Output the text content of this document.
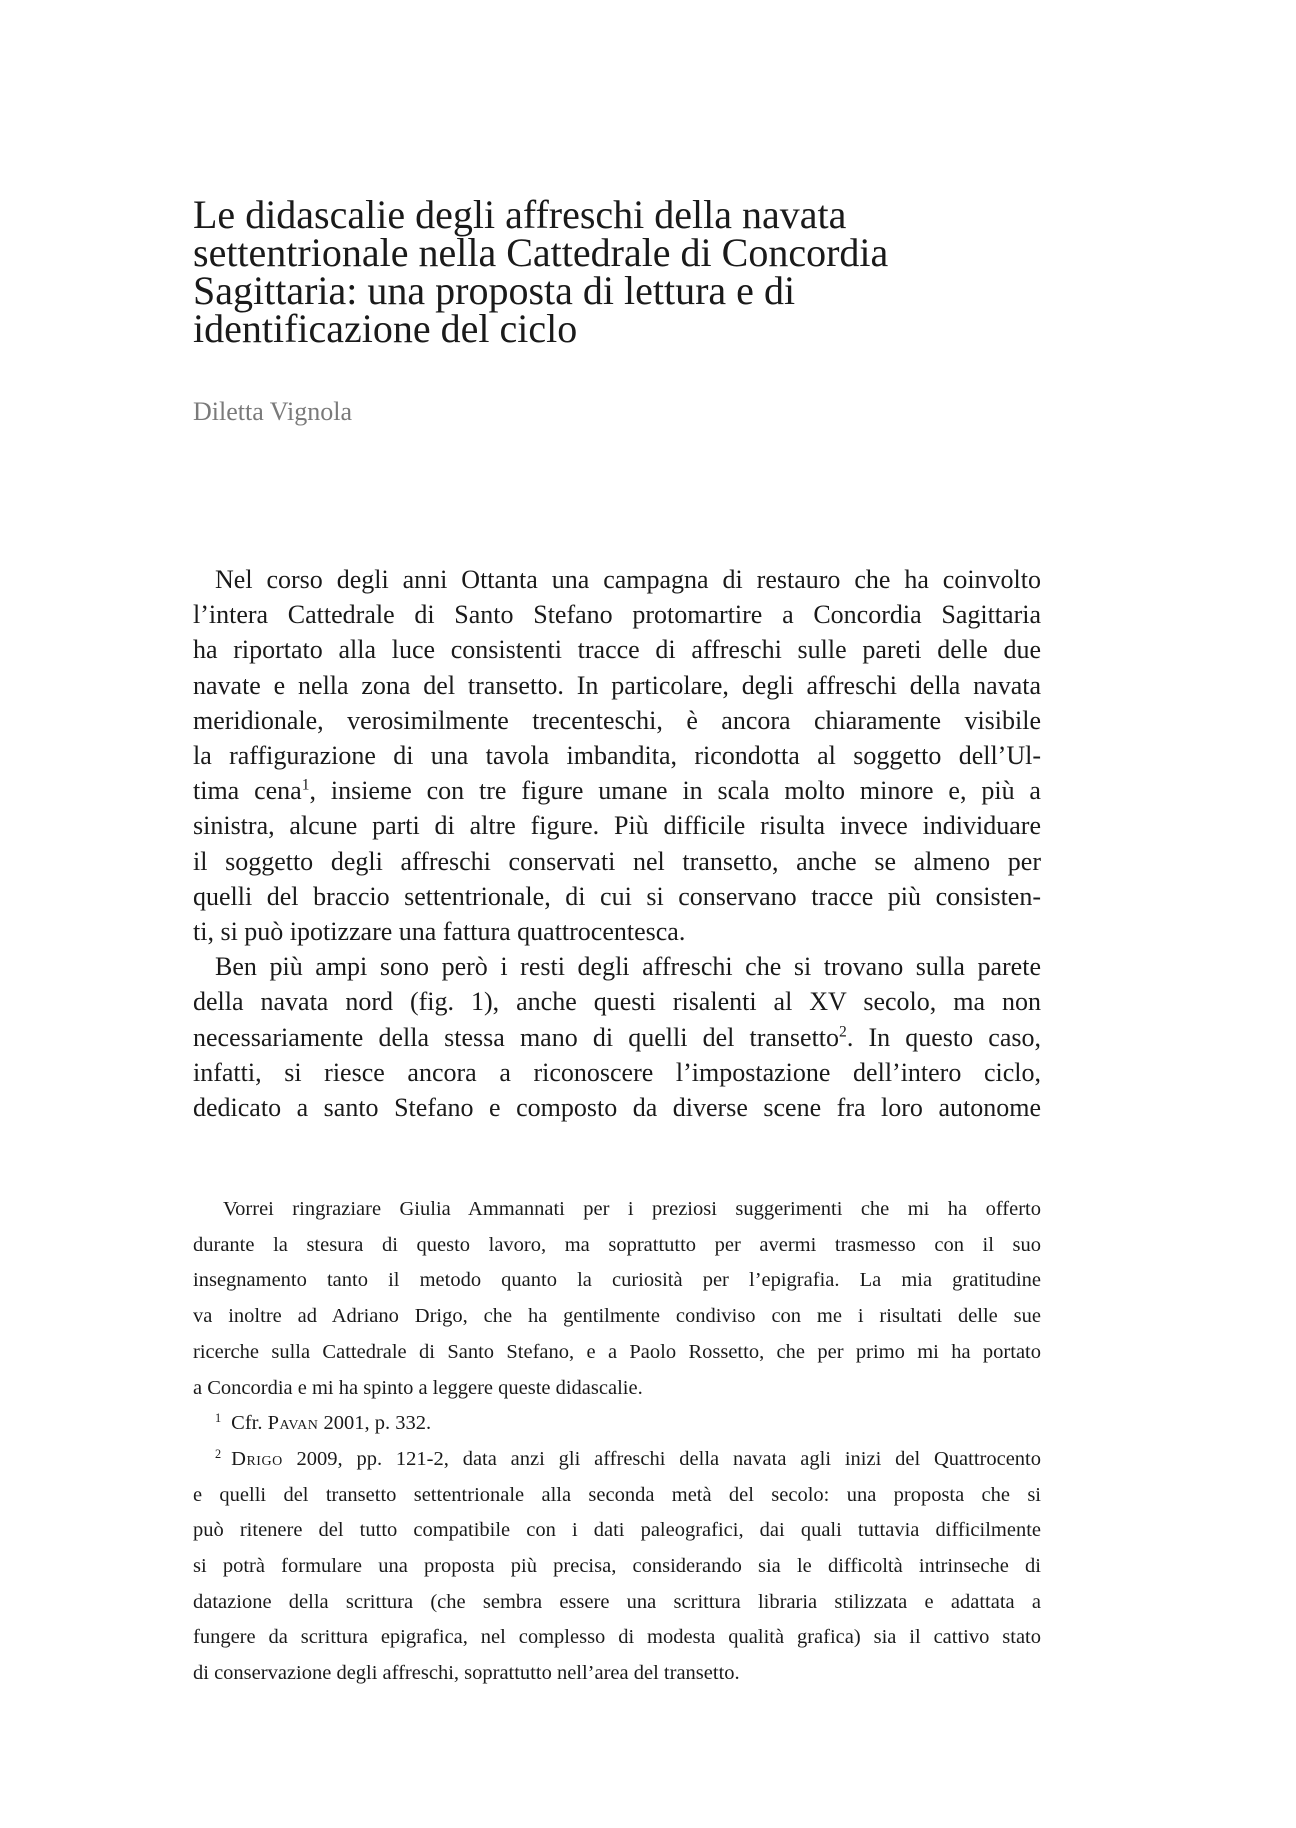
Le didascalie degli affreschi della navata
settentrionale nella Cattedrale di Concordia
Sagittaria: una proposta di lettura e di
identificazione del ciclo

Diletta Vignola

Nel corso degli anni Ottanta una campagna di restauro che ha coinvolto
l’intera Cattedrale di Santo Stefano protomartire a Concordia Sagittaria
ha riportato alla luce consistenti tracce di affreschi sulle pareti delle due
navate e nella zona del transetto. In particolare, degli affreschi della navata
meridionale, verosimilmente trecenteschi, è ancora chiaramente visibile
la raffigurazione di una tavola imbandita, ricondotta al soggetto dell’Ul-
tima cena$^1$, insieme con tre figure umane in scala molto minore e, più a
sinistra, alcune parti di altre figure. Più difficile risulta invece individuare
il soggetto degli affreschi conservati nel transetto, anche se almeno per
quelli del braccio settentrionale, di cui si conservano tracce più consisten-
ti, si può ipotizzare una fattura quattrocentesca.
Ben più ampi sono però i resti degli affreschi che si trovano sulla parete
della navata nord (fig. 1), anche questi risalenti al XV secolo, ma non
necessariamente della stessa mano di quelli del transetto$^2$. In questo caso,
infatti, si riesce ancora a riconoscere l’impostazione dell’intero ciclo,
dedicato a santo Stefano e composto da diverse scene fra loro autonome
Vorrei ringraziare Giulia Ammannati per i preziosi suggerimenti che mi ha offerto
durante la stesura di questo lavoro, ma soprattutto per avermi trasmesso con il suo
insegnamento tanto il metodo quanto la curiosità per l’epigrafia. La mia gratitudine
va inoltre ad Adriano Drigo, che ha gentilmente condiviso con me i risultati delle sue
ricerche sulla Cattedrale di Santo Stefano, e a Paolo Rossetto, che per primo mi ha portato
a Concordia e mi ha spinto a leggere queste didascalie.
$^1$ Cfr. Pavan 2001, p. 332.
$^2$ Drigo 2009, pp. 121-2, data anzi gli affreschi della navata agli inizi del Quattrocento
e quelli del transetto settentrionale alla seconda metà del secolo: una proposta che si
può ritenere del tutto compatibile con i dati paleografici, dai quali tuttavia difficilmente
si potrà formulare una proposta più precisa, considerando sia le difficoltà intrinseche di
datazione della scrittura (che sembra essere una scrittura libraria stilizzata e adattata a
fungere da scrittura epigrafica, nel complesso di modesta qualità grafica) sia il cattivo stato
di conservazione degli affreschi, soprattutto nell’area del transetto.
